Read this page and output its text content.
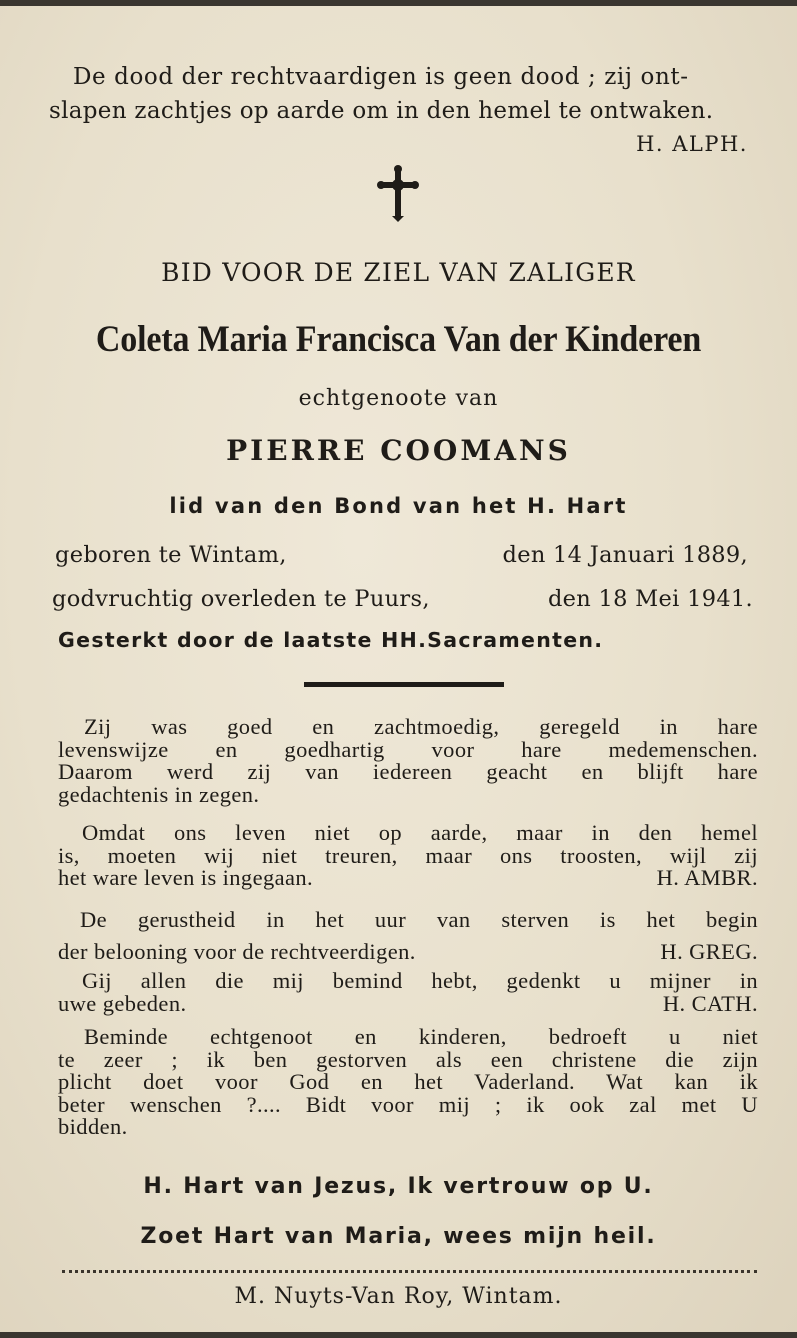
De dood der rechtvaardigen is geen dood ; zij ont-
slapen zachtjes op aarde om in den hemel te ontwaken.
H. ALPH.
BID VOOR DE ZIEL VAN ZALIGER
Coleta Maria Francisca Van der Kinderen
echtgenoote van
PIERRE COOMANS
lid van den Bond van het H. Hart
geboren te Wintam,	den 14 Januari 1889,
godvruchtig overleden te Puurs,	den 18 Mei 1941.
Gesterkt door de laatste HH.Sacramenten.
Zij was goed en zachtmoedig, geregeld in hare
levenswijze en goedhartig voor hare medemenschen.
Daarom werd zij van iedereen geacht en blijft hare
gedachtenis in zegen.
Omdat ons leven niet op aarde, maar in den hemel
is, moeten wij niet treuren, maar ons troosten, wijl zij
het ware leven is ingegaan.	H. AMBR.
De gerustheid in het uur van sterven is het begin
der belooning voor de rechtveerdigen.	H. GREG.
Gij allen die mij bemind hebt, gedenkt u mijner in
uwe gebeden.	H. CATH.
Beminde echtgenoot en kinderen, bedroeft u niet
te zeer ; ik ben gestorven als een christene die zijn
plicht doet voor God en het Vaderland. Wat kan ik
beter wenschen ?.... Bidt voor mij ; ik ook zal met U
bidden.
H. Hart van Jezus, Ik vertrouw op U.
Zoet Hart van Maria, wees mijn heil.
M. Nuyts-Van Roy, Wintam.
